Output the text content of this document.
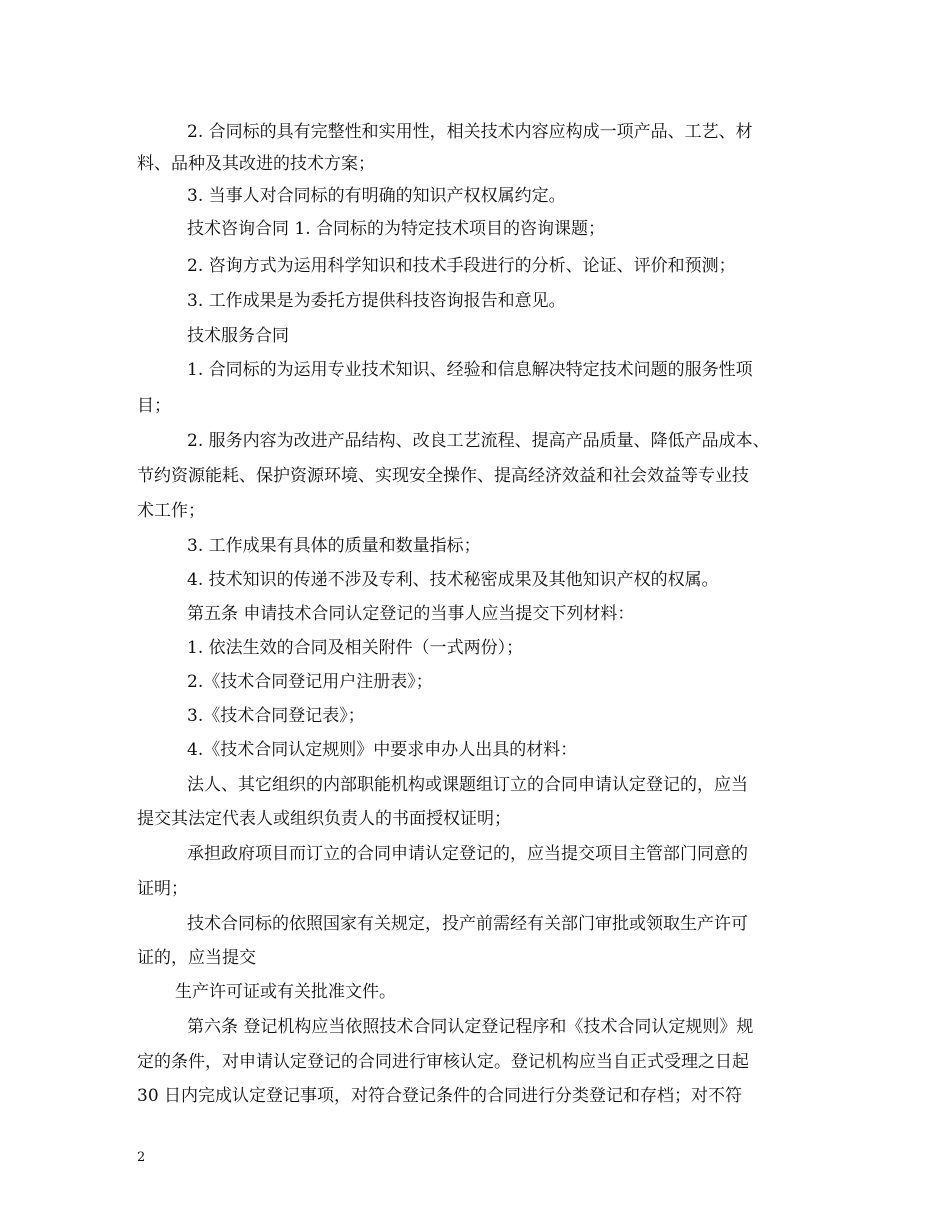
2. 合同标的具有完整性和实用性，相关技术内容应构成一项产品、工艺、材
料、品种及其改进的技术方案；
3. 当事人对合同标的有明确的知识产权权属约定。
技术咨询合同 1. 合同标的为特定技术项目的咨询课题；
2. 咨询方式为运用科学知识和技术手段进行的分析、论证、评价和预测；
3. 工作成果是为委托方提供科技咨询报告和意见。
技术服务合同
1. 合同标的为运用专业技术知识、经验和信息解决特定技术问题的服务性项
目；
2. 服务内容为改进产品结构、改良工艺流程、提高产品质量、降低产品成本、
节约资源能耗、保护资源环境、实现安全操作、提高经济效益和社会效益等专业技
术工作；
3. 工作成果有具体的质量和数量指标；
4. 技术知识的传递不涉及专利、技术秘密成果及其他知识产权的权属。
第五条 申请技术合同认定登记的当事人应当提交下列材料：
1. 依法生效的合同及相关附件（一式两份）；
2.《技术合同登记用户注册表》；
3.《技术合同登记表》；
4.《技术合同认定规则》中要求申办人出具的材料：
法人、其它组织的内部职能机构或课题组订立的合同申请认定登记的，应当
提交其法定代表人或组织负责人的书面授权证明；
承担政府项目而订立的合同申请认定登记的，应当提交项目主管部门同意的
证明；
技术合同标的依照国家有关规定，投产前需经有关部门审批或领取生产许可
证的，应当提交
生产许可证或有关批准文件。
第六条 登记机构应当依照技术合同认定登记程序和《技术合同认定规则》规
定的条件，对申请认定登记的合同进行审核认定。登记机构应当自正式受理之日起
30 日内完成认定登记事项，对符合登记条件的合同进行分类登记和存档；对不符
2
